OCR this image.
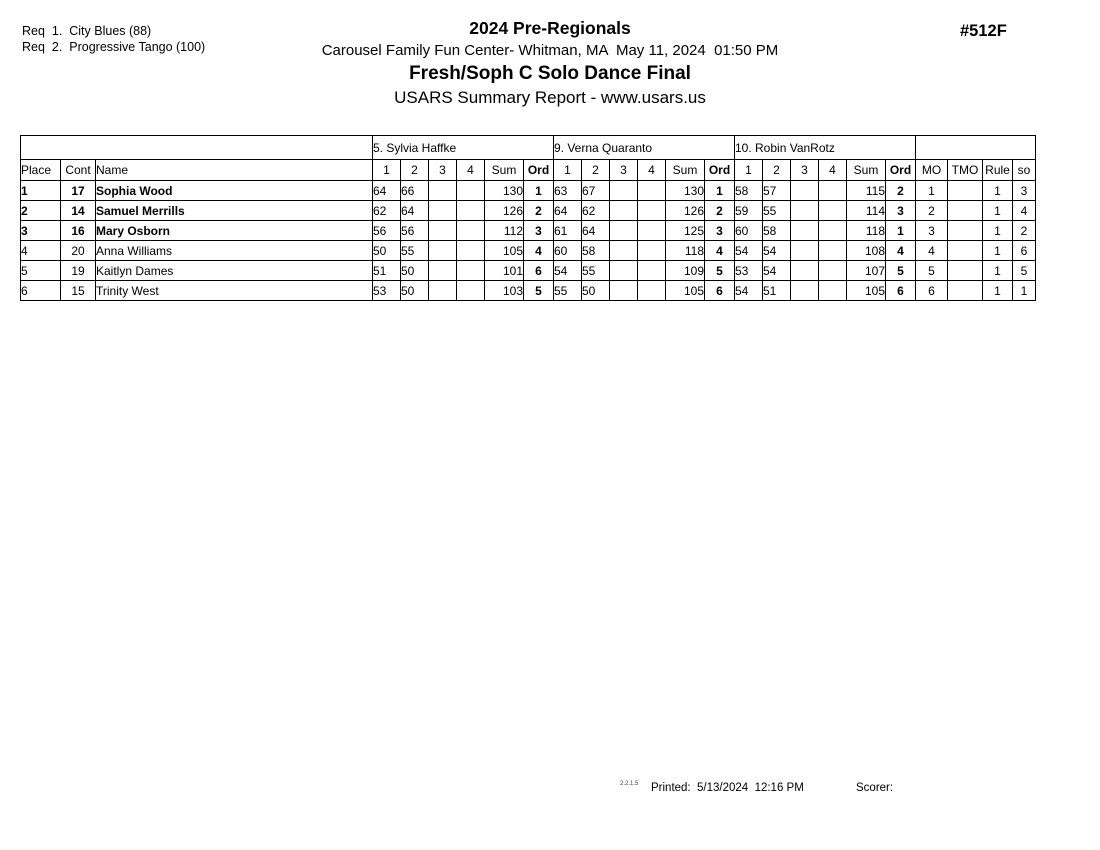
Req  1.  City Blues (88)
Req  2.  Progressive Tango (100)
2024 Pre-Regionals
Carousel Family Fun Center- Whitman, MA  May 11, 2024  01:50 PM
Fresh/Soph C Solo Dance Final
USARS Summary Report - www.usars.us
#512F
			5. Sylvia Haffke						9. Verna Quaranto						10. Robin VanRotz									
Place	Cont	Name	1	2	3	4	Sum	Ord	1	2	3	4	Sum	Ord	1	2	3	4	Sum	Ord	MO	TMO	Rule	so
1	17	Sophia Wood	64	66			130	1	63	67			130	1	58	57			115	2	1		1	3
2	14	Samuel Merrills	62	64			126	2	64	62			126	2	59	55			114	3	2		1	4
3	16	Mary Osborn	56	56			112	3	61	64			125	3	60	58			118	1	3		1	2
4	20	Anna Williams	50	55			105	4	60	58			118	4	54	54			108	4	4		1	6
5	19	Kaitlyn Dames	51	50			101	6	54	55			109	5	53	54			107	5	5		1	5
6	15	Trinity West	53	50			103	5	55	50			105	6	54	51			105	6	6		1	1
2.2.1.5 Printed:  5/13/2024  12:16 PM	Scorer:
